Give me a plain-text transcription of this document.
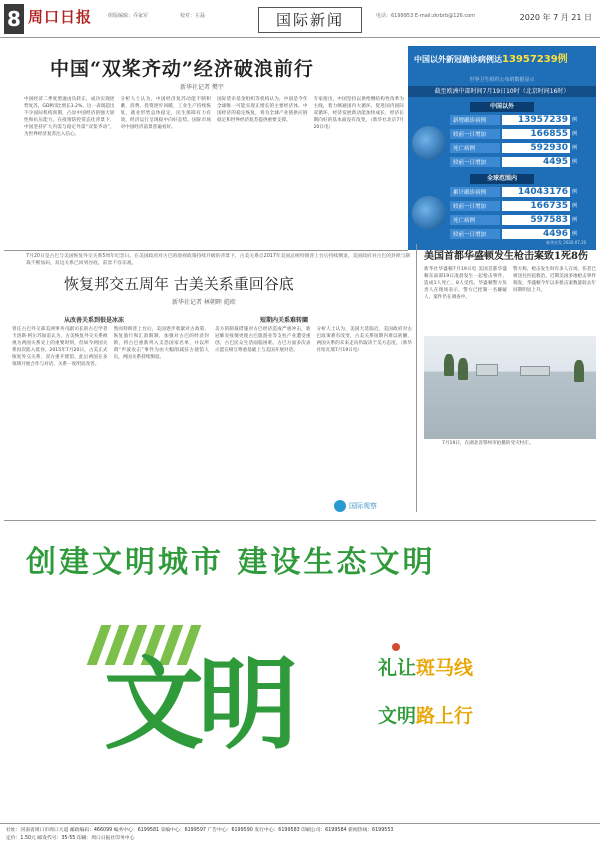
8 周口日报	组版编辑：乔家军	校对：左磊	国际新闻	电话：6199953 E-mail:zkrbrb@126.com	2020 年 7 月 21 日
中国“双桨齐动”经济破浪前行
新华社记者 樊宇
中国经济二季度增速由负转正，成功实现逆势复苏，GDP同比增长3.2%。这一表现超出不少国际机构预期，凸显中国经济的强大韧性和抗压能力。在疫情防控常态化背景下，中国坚持扩大内需与稳定外需“双桨齐动”，为世界经济复苏注入信心。
分析人士认为，中国经济复苏动能不断积蓄，消费、投资逐步回暖，工业生产持续恢复，就业形势总体稳定，民生保障有力有效，经济运行呈现稳中向好态势。国际市场对中国经济前景普遍看好。
国际货币基金组织等机构认为，中国是今年全球唯一可能实现正增长的主要经济体。中国经济的稳定恢复，将为全球产业链供应链稳定和世界经济复苏提供重要支撑。
专家指出，中国坚持以供给侧结构性改革为主线，着力畅通国内大循环，促进国内国际双循环，经济发展新动能加快成长，经济长期向好的基本面没有改变。（新华社北京7月20日电）
中国以外新冠确诊病例达13957239例
世界卫生组织公布的数据显示
截至欧洲中部时间7月19日10时（北京时间16时）
中国以外
新增确诊病例	13957239 例
较前一日增加	166855 例
死亡病例	592930 例
较前一日增加	4495 例
全球范围内
累计确诊病例	14043176 例
较前一日增加	166735 例
死亡病例	597583 例
较前一日增加	4496 例
新华社发 2020.07.20
7月20日是古巴与美国恢复外交关系5周年纪念日。在美国政府对古巴的敌视政策持续升级的背景下，古美关系自2017年美国总统特朗普上台后持续倒退，美国政府对古巴的封锁与制裁不断加码，双边关系已回到谷底，前景不容乐观。
恢复邦交五周年 古美关系重回谷底
新华社记者 林朝晖 彪欧
从改善关系到很是冰冻	短期内关系难转圜
曾任古巴外交部美洲事务司副司长的古巴学者卡洛斯·阿尔苏加雷认为，古美恢复外交关系被视为两国关系史上的重要时刻，但如今两国关系再次陷入低谷。2015年7月20日，古美正式恢复外交关系，双方重开使馆，此后两国在多领域开展合作与对话，关系一度明显改善。
然而特朗普上台后，美国逐步收紧对古政策，恢复旅行和汇款限制，加强对古巴的经济封锁，将古巴重新列入支恐国家名单，并以所谓“声波攻击”事件为由大幅削减驻古使馆人员，两国关系持续倒退。
美方的制裁措施对古巴经济造成严重冲击，新冠肺炎疫情更使古巴旅游业等支柱产业遭受重创，古巴民众生活面临困难。古巴方面多次表示愿在相互尊重基础上与美国开展对话。
分析人士认为，美国大选临近，美国政府对古巴政策难有改变，古美关系短期内难以转圜，两国关系的未来走向仍取决于美方态度。（新华社哈瓦那7月19日电）
国际观察
美国首都华盛顿发生枪击案致1死8伤
新华社华盛顿7月19日电 美国首都华盛顿东南部19日凌晨发生一起枪击事件，造成1人死亡、8人受伤。华盛顿警方负责人在现场表示，警方已控制一名嫌疑人，案件仍在调查中。
警方称，枪击发生时有多人在场，伤者已被送往医院救治。近期美国多地枪击事件频发，华盛顿今年以来枪击案数量较去年同期明显上升。
7月19日，在湖北省鄂州市拍摄的受灾村庄。
创建文明城市 建设生态文明
文明	礼让斑马线
文明路上行
社址：河南省周口市周口大道 邮政编码：466099 编务中心：6199581 采编中心：6199597 广告中心：6199590 发行中心：6199583 印刷公司：6199584 新闻热线：6199553
定价：1.50元 邮发代号：35-55 印刷：周口日报社印务中心
